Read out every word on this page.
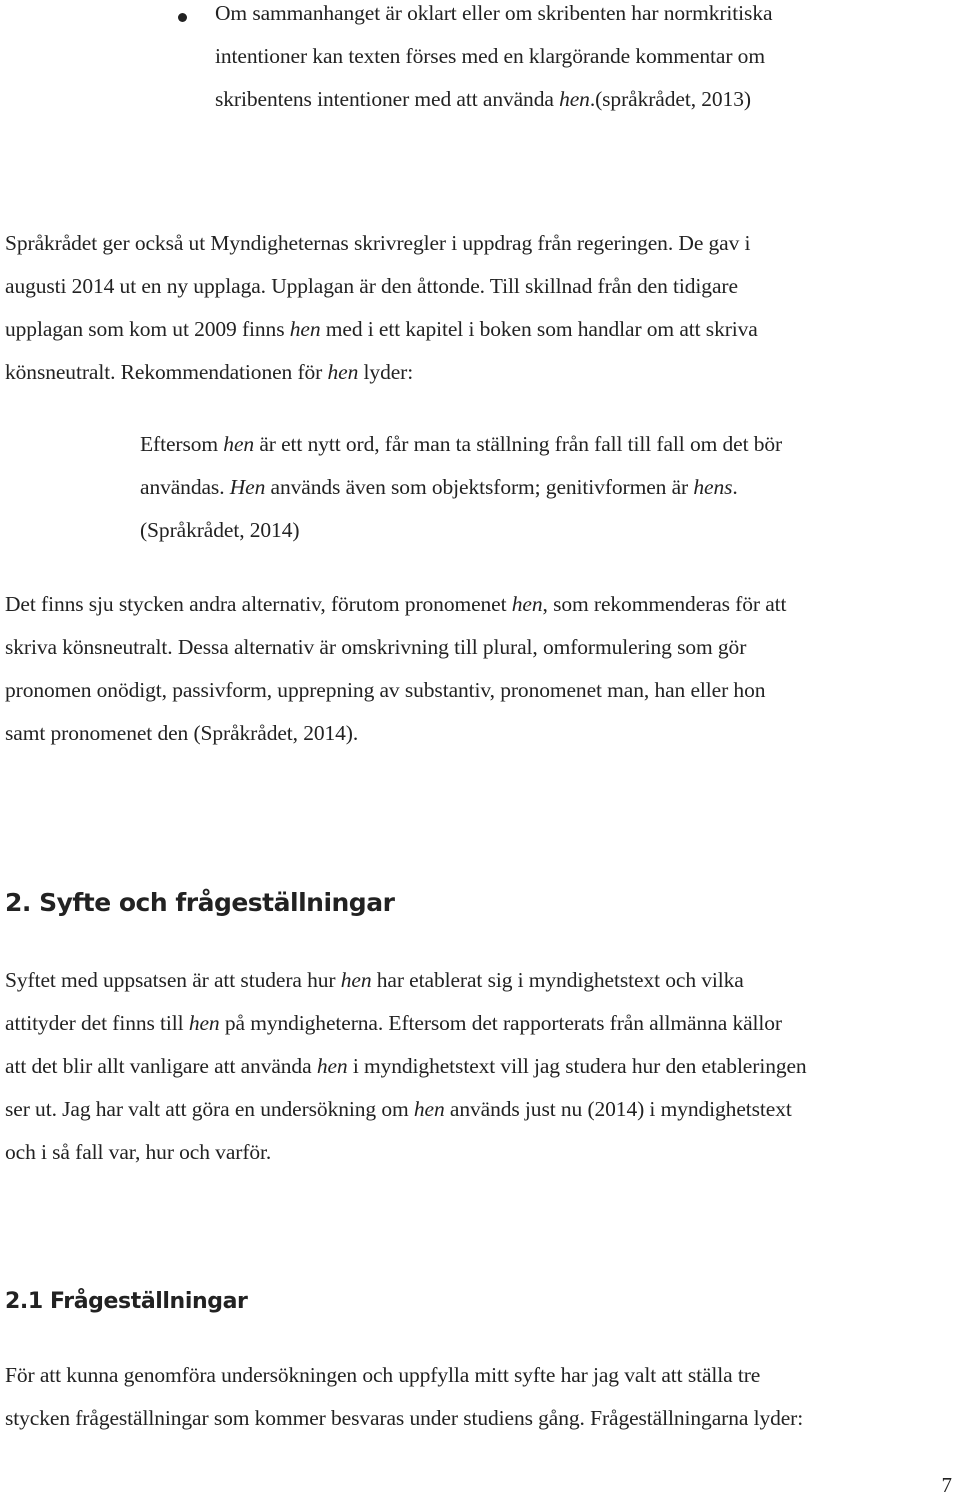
Om sammanhanget är oklart eller om skribenten har normkritiska
intentioner kan texten förses med en klargörande kommentar om
skribentens intentioner med att använda hen.(språkrådet, 2013)
Språkrådet ger också ut Myndigheternas skrivregler i uppdrag från regeringen. De gav i
augusti 2014 ut en ny upplaga. Upplagan är den åttonde. Till skillnad från den tidigare
upplagan som kom ut 2009 finns hen med i ett kapitel i boken som handlar om att skriva
könsneutralt. Rekommendationen för hen lyder:
Eftersom hen är ett nytt ord, får man ta ställning från fall till fall om det bör
användas. Hen används även som objektsform; genitivformen är hens.
(Språkrådet, 2014)
Det finns sju stycken andra alternativ, förutom pronomenet hen, som rekommenderas för att
skriva könsneutralt. Dessa alternativ är omskrivning till plural, omformulering som gör
pronomen onödigt, passivform, upprepning av substantiv, pronomenet man, han eller hon
samt pronomenet den (Språkrådet, 2014).
2. Syfte och frågeställningar
Syftet med uppsatsen är att studera hur hen har etablerat sig i myndighetstext och vilka
attityder det finns till hen på myndigheterna. Eftersom det rapporterats från allmänna källor
att det blir allt vanligare att använda hen i myndighetstext vill jag studera hur den etableringen
ser ut. Jag har valt att göra en undersökning om hen används just nu (2014) i myndighetstext
och i så fall var, hur och varför.
2.1 Frågeställningar
För att kunna genomföra undersökningen och uppfylla mitt syfte har jag valt att ställa tre
stycken frågeställningar som kommer besvaras under studiens gång. Frågeställningarna lyder:
7
